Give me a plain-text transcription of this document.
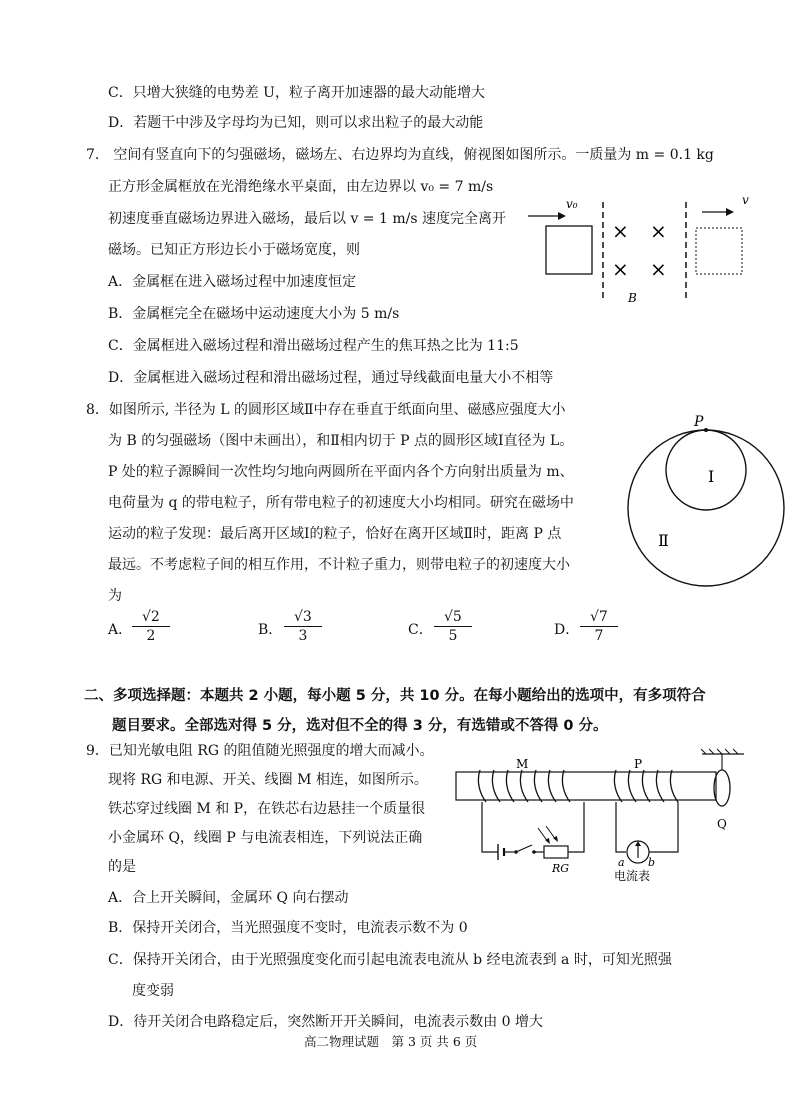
C．只增大狭缝的电势差 U，粒子离开加速器的最大动能增大
D．若题干中涉及字母均为已知，则可以求出粒子的最大动能
7.　空间有竖直向下的匀强磁场，磁场左、右边界均为直线，俯视图如图所示。一质量为 m = 0.1 kg
正方形金属框放在光滑绝缘水平桌面，由左边界以 v₀ = 7 m/s
初速度垂直磁场边界进入磁场，最后以 v = 1 m/s 速度完全离开
磁场。已知正方形边长小于磁场宽度，则
A．金属框在进入磁场过程中加速度恒定
B．金属框完全在磁场中运动速度大小为 5 m/s
C．金属框进入磁场过程和滑出磁场过程产生的焦耳热之比为 11:5
D．金属框进入磁场过程和滑出磁场过程，通过导线截面电量大小不相等
v₀
× ×
× ×
B
v
8．如图所示, 半径为 L 的圆形区域Ⅱ中存在垂直于纸面向里、磁感应强度大小
为 B 的匀强磁场（图中未画出），和Ⅱ相内切于 P 点的圆形区域Ⅰ直径为 L。
P 处的粒子源瞬间一次性均匀地向两圆所在平面内各个方向射出质量为 m、
电荷量为 q 的带电粒子，所有带电粒子的初速度大小均相同。研究在磁场中
运动的粒子发现：最后离开区域Ⅰ的粒子，恰好在离开区域Ⅱ时，距离 P 点
最远。不考虑粒子间的相互作用，不计粒子重力，则带电粒子的初速度大小
为
P
Ⅰ
Ⅱ
A． $\frac{√2}{2}$	B． $\frac{√3}{3}$	C． $\frac{√5}{5}$	D． $\frac{√7}{7}$
二、多项选择题：本题共 2 小题，每小题 5 分，共 10 分。在每小题给出的选项中，有多项符合
题目要求。全部选对得 5 分，选对但不全的得 3 分，有选错或不答得 0 分。
9．已知光敏电阻 RG 的阻值随光照强度的增大而减小。
现将 RG 和电源、开关、线圈 M 相连，如图所示。
铁芯穿过线圈 M 和 P，在铁芯右边悬挂一个质量很
小金属环 Q，线圈 P 与电流表相连，下列说法正确
的是
A．合上开关瞬间，金属环 Q 向右摆动
B．保持开关闭合，当光照强度不变时，电流表示数不为 0
C．保持开关闭合，由于光照强度变化而引起电流表电流从 b 经电流表到 a 时，可知光照强
度变弱
D．待开关闭合电路稳定后，突然断开开关瞬间，电流表示数由 0 增大
M	P
RG	a b
电流表
Q
高二物理试题　第 3 页 共 6 页
